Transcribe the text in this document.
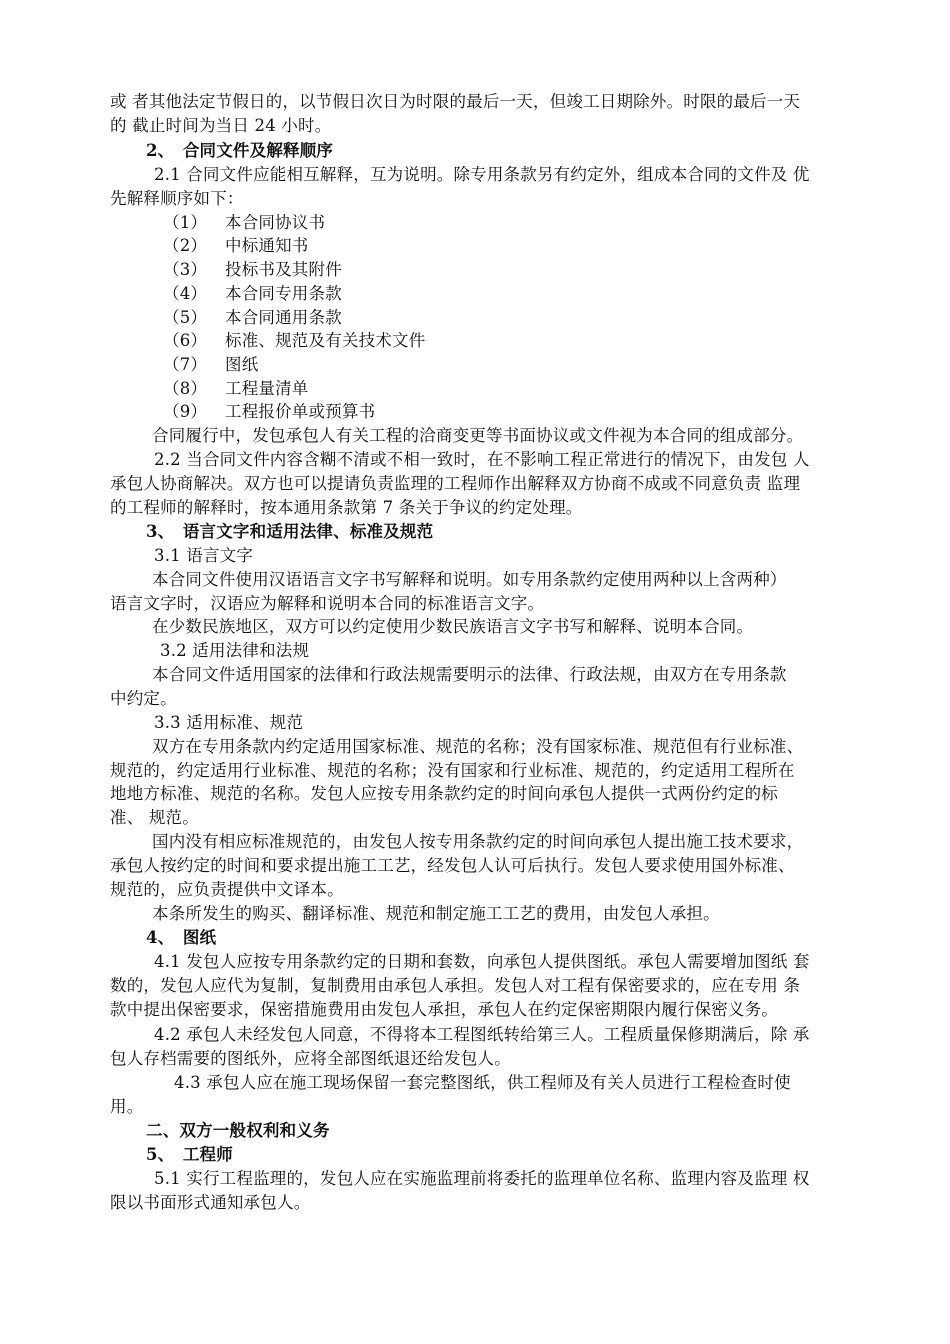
或 者其他法定节假日的，以节假日次日为时限的最后一天，但竣工日期除外。时限的最后一天
的 截止时间为当日 24 小时。
2、　合同文件及解释顺序
2.1 合同文件应能相互解释，互为说明。除专用条款另有约定外，组成本合同的文件及 优
先解释顺序如下：
（1） 本合同协议书
（2） 中标通知书
（3） 投标书及其附件
（4） 本合同专用条款
（5） 本合同通用条款
（6） 标准、规范及有关技术文件
（7） 图纸
（8） 工程量清单
（9） 工程报价单或预算书
合同履行中，发包承包人有关工程的洽商变更等书面协议或文件视为本合同的组成部分。
2.2 当合同文件内容含糊不清或不相一致时，在不影响工程正常进行的情况下，由发包 人
承包人协商解决。双方也可以提请负责监理的工程师作出解释双方协商不成或不同意负责 监理
的工程师的解释时，按本通用条款第 7 条关于争议的约定处理。
3、　语言文字和适用法律、标准及规范
3.1 语言文字
本合同文件使用汉语语言文字书写解释和说明。如专用条款约定使用两种以上含两种）
语言文字时，汉语应为解释和说明本合同的标准语言文字。
在少数民族地区，双方可以约定使用少数民族语言文字书写和解释、说明本合同。
3.2 适用法律和法规
本合同文件适用国家的法律和行政法规需要明示的法律、行政法规，由双方在专用条款
中约定。
3.3 适用标准、规范
双方在专用条款内约定适用国家标准、规范的名称；没有国家标准、规范但有行业标准、
规范的，约定适用行业标准、规范的名称；没有国家和行业标准、规范的，约定适用工程所在
地地方标准、规范的名称。发包人应按专用条款约定的时间向承包人提供一式两份约定的标
准、 规范。
国内没有相应标准规范的，由发包人按专用条款约定的时间向承包人提出施工技术要求，
承包人按约定的时间和要求提出施工工艺，经发包人认可后执行。发包人要求使用国外标准、
规范的，应负责提供中文译本。
本条所发生的购买、翻译标准、规范和制定施工工艺的费用，由发包人承担。
4、　图纸
4.1 发包人应按专用条款约定的日期和套数，向承包人提供图纸。承包人需要增加图纸 套
数的，发包人应代为复制，复制费用由承包人承担。发包人对工程有保密要求的，应在专用 条
款中提出保密要求，保密措施费用由发包人承担，承包人在约定保密期限内履行保密义务。
4.2 承包人未经发包人同意，不得将本工程图纸转给第三人。工程质量保修期满后，除 承
包人存档需要的图纸外，应将全部图纸退还给发包人。
4.3 承包人应在施工现场保留一套完整图纸，供工程师及有关人员进行工程检查时使
用。
二、双方一般权利和义务
5、　工程师
5.1 实行工程监理的，发包人应在实施监理前将委托的监理单位名称、监理内容及监理 权
限以书面形式通知承包人。
